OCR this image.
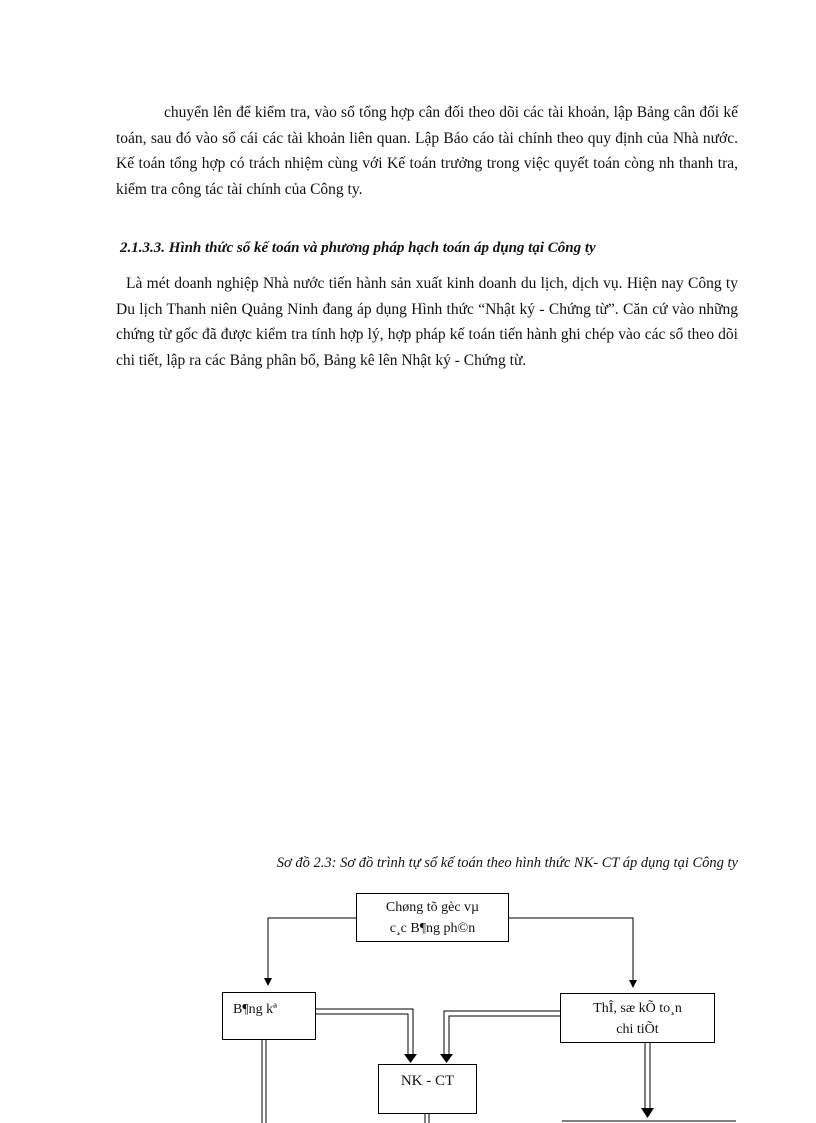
chuyển lên để kiểm tra, vào sổ tổng hợp cân đối theo dõi các tài khoản, lập Bảng cân đối kế toán, sau đó vào sổ cái các tài khoản liên quan. Lập Báo cáo tài chính theo quy định của Nhà nước. Kế toán tổng hợp có trách nhiệm cùng với Kế toán trưởng trong việc quyết toán còng nh thanh tra, kiểm tra công tác tài chính của Công ty.

2.1.3.3. Hình thức sổ kế toán và phương pháp hạch toán áp dụng tại Công ty

Là mét doanh nghiệp Nhà nước tiến hành sản xuất kinh doanh du lịch, dịch vụ. Hiện nay Công ty Du lịch Thanh niên Quảng Ninh đang áp dụng Hình thức “Nhật ký - Chứng từ”. Căn cứ vào những chứng từ gốc đã được kiểm tra tính hợp lý, hợp pháp kế toán tiến hành ghi chép vào các sổ theo dõi chi tiết, lập ra các Bảng phân bổ, Bảng kê lên Nhật ký - Chứng từ.

Sơ đồ 2.3: Sơ đồ trình tự sổ kế toán theo hình thức NK- CT áp dụng tại Công ty
Chøng tõ gèc vµ
c¸c B¶ng ph©n
B¶ng kª	ThÎ, sæ kÕ to¸n
chi tiÕt
NK - CT
